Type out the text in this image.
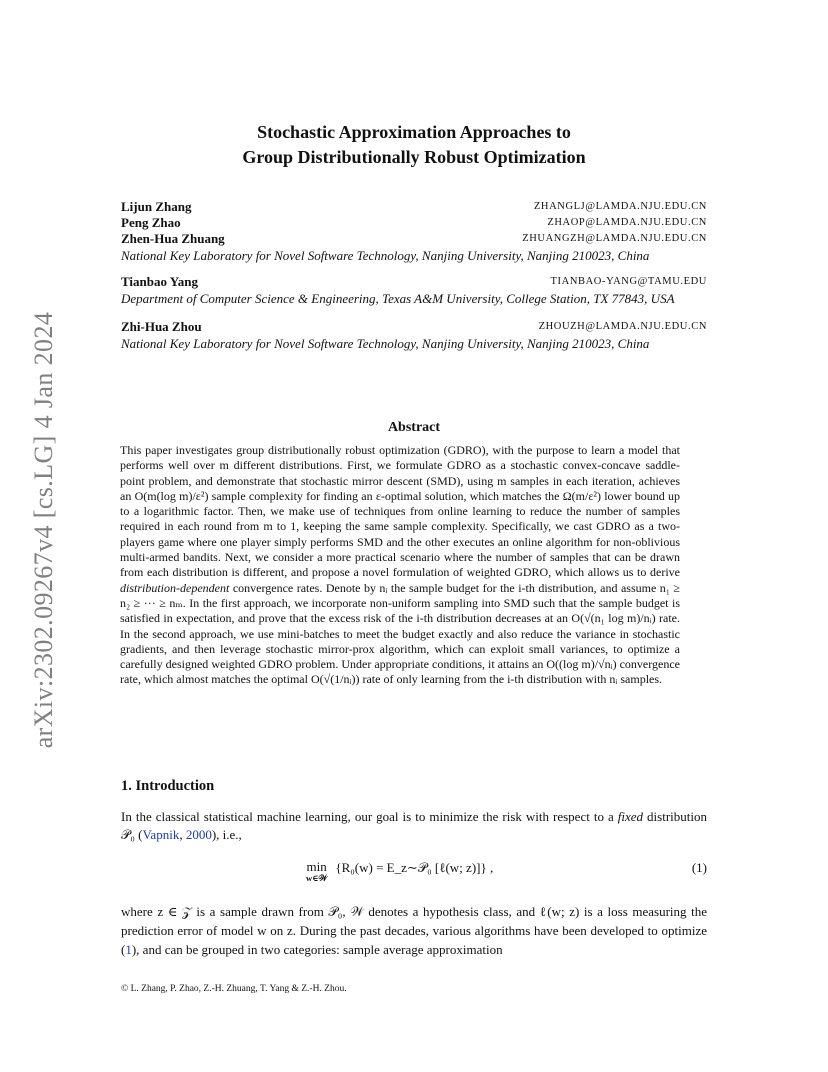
arXiv:2302.09267v4 [cs.LG] 4 Jan 2024
Stochastic Approximation Approaches to
Group Distributionally Robust Optimization
Lijun Zhang	ZHANGLJ@LAMDA.NJU.EDU.CN
Peng Zhao	ZHAOP@LAMDA.NJU.EDU.CN
Zhen-Hua Zhuang	ZHUANGZH@LAMDA.NJU.EDU.CN
National Key Laboratory for Novel Software Technology, Nanjing University, Nanjing 210023, China
Tianbao Yang	TIANBAO-YANG@TAMU.EDU
Department of Computer Science & Engineering, Texas A&M University, College Station, TX 77843, USA
Zhi-Hua Zhou	ZHOUZH@LAMDA.NJU.EDU.CN
National Key Laboratory for Novel Software Technology, Nanjing University, Nanjing 210023, China
Abstract
This paper investigates group distributionally robust optimization (GDRO), with the purpose to learn a model that performs well over m different distributions. First, we formulate GDRO as a stochastic convex-concave saddle-point problem, and demonstrate that stochastic mirror descent (SMD), using m samples in each iteration, achieves an O(m(log m)/ε²) sample complexity for finding an ε-optimal solution, which matches the Ω(m/ε²) lower bound up to a logarithmic factor. Then, we make use of techniques from online learning to reduce the number of samples required in each round from m to 1, keeping the same sample complexity. Specifically, we cast GDRO as a two-players game where one player simply performs SMD and the other executes an online algorithm for non-oblivious multi-armed bandits. Next, we consider a more practical scenario where the number of samples that can be drawn from each distribution is different, and propose a novel formulation of weighted GDRO, which allows us to derive distribution-dependent convergence rates. Denote by nᵢ the sample budget for the i-th distribution, and assume n₁ ≥ n₂ ≥ ··· ≥ nₘ. In the first approach, we incorporate non-uniform sampling into SMD such that the sample budget is satisfied in expectation, and prove that the excess risk of the i-th distribution decreases at an O(√(n₁ log m)/nᵢ) rate. In the second approach, we use mini-batches to meet the budget exactly and also reduce the variance in stochastic gradients, and then leverage stochastic mirror-prox algorithm, which can exploit small variances, to optimize a carefully designed weighted GDRO problem. Under appropriate conditions, it attains an O((log m)/√nᵢ) convergence rate, which almost matches the optimal O(√(1/nᵢ)) rate of only learning from the i-th distribution with nᵢ samples.
1. Introduction
In the classical statistical machine learning, our goal is to minimize the risk with respect to a fixed distribution 𝒫₀ (Vapnik, 2000), i.e.,
min
w∈𝒲
{R₀(w) = E_z∼𝒫₀ [ℓ(w; z)]} ,	(1)
where z ∈ 𝒵 is a sample drawn from 𝒫₀, 𝒲 denotes a hypothesis class, and ℓ(w; z) is a loss measuring the prediction error of model w on z. During the past decades, various algorithms have been developed to optimize (1), and can be grouped in two categories: sample average approximation
© L. Zhang, P. Zhao, Z.-H. Zhuang, T. Yang & Z.-H. Zhou.
